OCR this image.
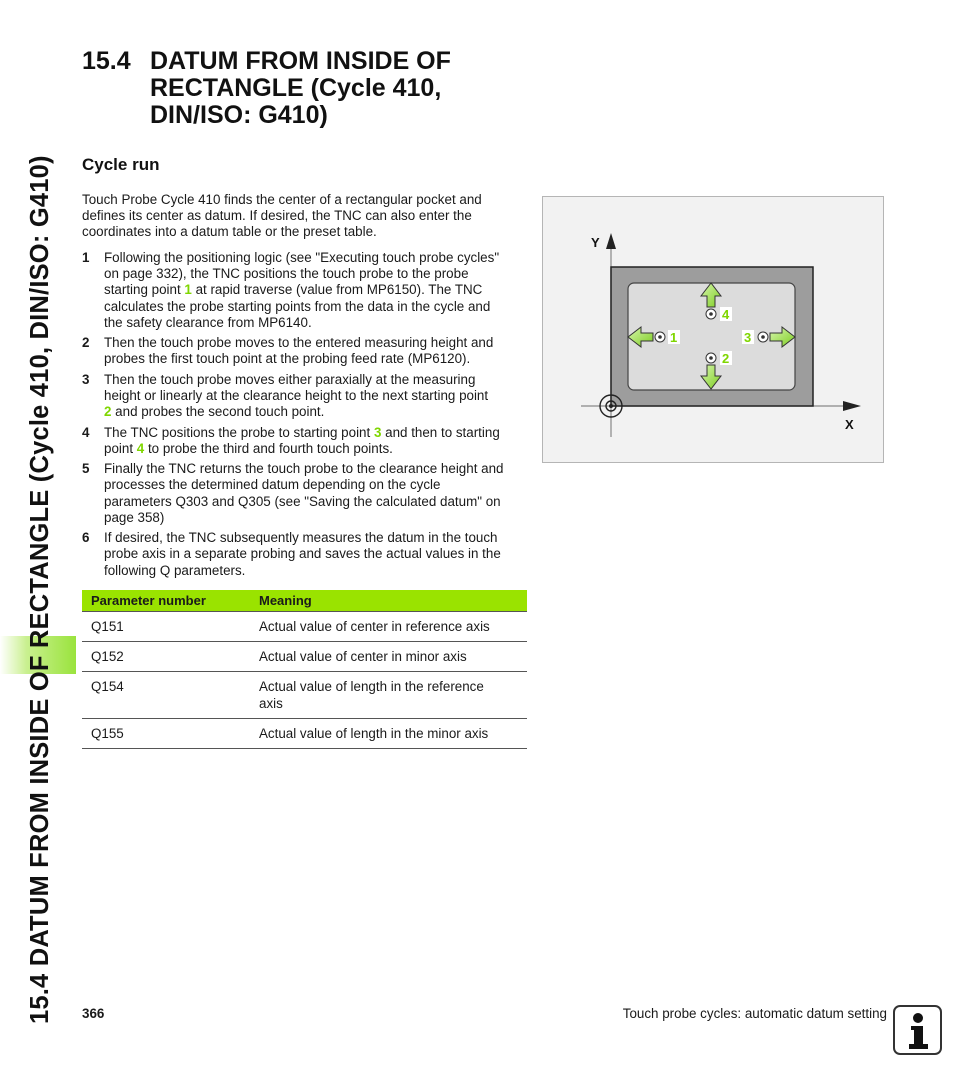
15.4 DATUM FROM INSIDE OF RECTANGLE (Cycle 410, DIN/ISO: G410)
15.4 DATUM FROM INSIDE OF
RECTANGLE (Cycle 410,
DIN/ISO: G410)
Cycle run
Touch Probe Cycle 410 finds the center of a rectangular pocket and
defines its center as datum. If desired, the TNC can also enter the
coordinates into a datum table or the preset table.
1 Following the positioning logic (see "Executing touch probe cycles"
on page 332), the TNC positions the touch probe to the probe
starting point 1 at rapid traverse (value from MP6150). The TNC
calculates the probe starting points from the data in the cycle and
the safety clearance from MP6140.
2 Then the touch probe moves to the entered measuring height and
probes the first touch point at the probing feed rate (MP6120).
3 Then the touch probe moves either paraxially at the measuring
height or linearly at the clearance height to the next starting point
2 and probes the second touch point.
4 The TNC positions the probe to starting point 3 and then to starting
point 4 to probe the third and fourth touch points.
5 Finally the TNC returns the touch probe to the clearance height and
processes the determined datum depending on the cycle
parameters Q303 and Q305 (see "Saving the calculated datum" on
page 358)
6 If desired, the TNC subsequently measures the datum in the touch
probe axis in a separate probing and saves the actual values in the
following Q parameters.
Parameter number	Meaning
Q151	Actual value of center in reference axis
Q152	Actual value of center in minor axis
Q154	Actual value of length in the reference axis
Q155	Actual value of length in the minor axis
Y
X
4
2
1	3
366	Touch probe cycles: automatic datum setting
